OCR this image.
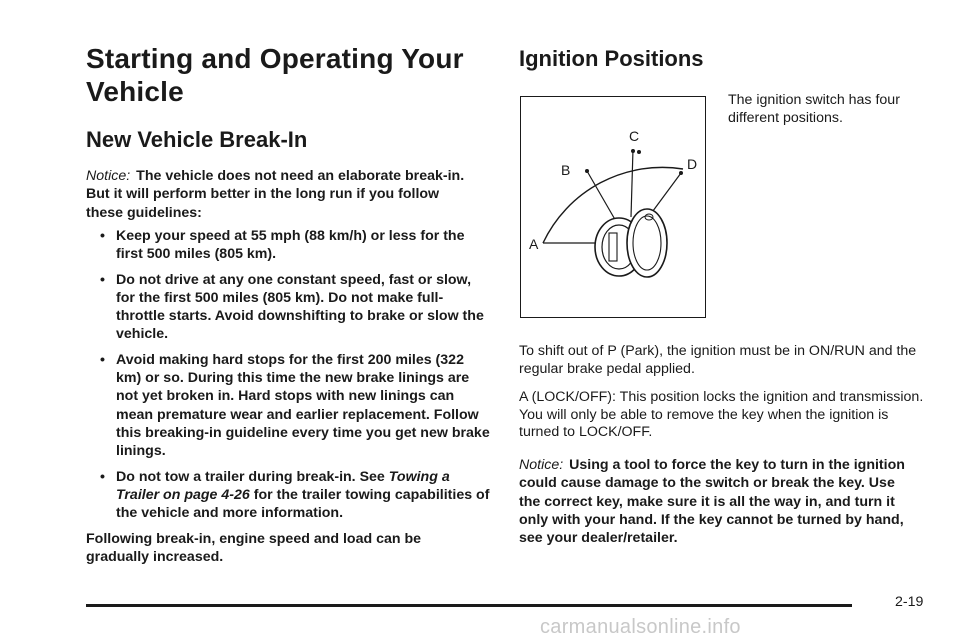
Starting and Operating Your Vehicle
New Vehicle Break-In
Notice: The vehicle does not need an elaborate break-in. But it will perform better in the long run if you follow these guidelines:
• Keep your speed at 55 mph (88 km/h) or less for the first 500 miles (805 km).
• Do not drive at any one constant speed, fast or slow, for the first 500 miles (805 km). Do not make full-throttle starts. Avoid downshifting to brake or slow the vehicle.
• Avoid making hard stops for the first 200 miles (322 km) or so. During this time the new brake linings are not yet broken in. Hard stops with new linings can mean premature wear and earlier replacement. Follow this breaking-in guideline every time you get new brake linings.
• Do not tow a trailer during break-in. See Towing a Trailer on page 4-26 for the trailer towing capabilities of the vehicle and more information.
Following break-in, engine speed and load can be gradually increased.
Ignition Positions
A
B
C
D
The ignition switch has four different positions.
To shift out of P (Park), the ignition must be in ON/RUN and the regular brake pedal applied.
A (LOCK/OFF): This position locks the ignition and transmission. You will only be able to remove the key when the ignition is turned to LOCK/OFF.
Notice: Using a tool to force the key to turn in the ignition could cause damage to the switch or break the key. Use the correct key, make sure it is all the way in, and turn it only with your hand. If the key cannot be turned by hand, see your dealer/retailer.
2-19
carmanualsonline.info
